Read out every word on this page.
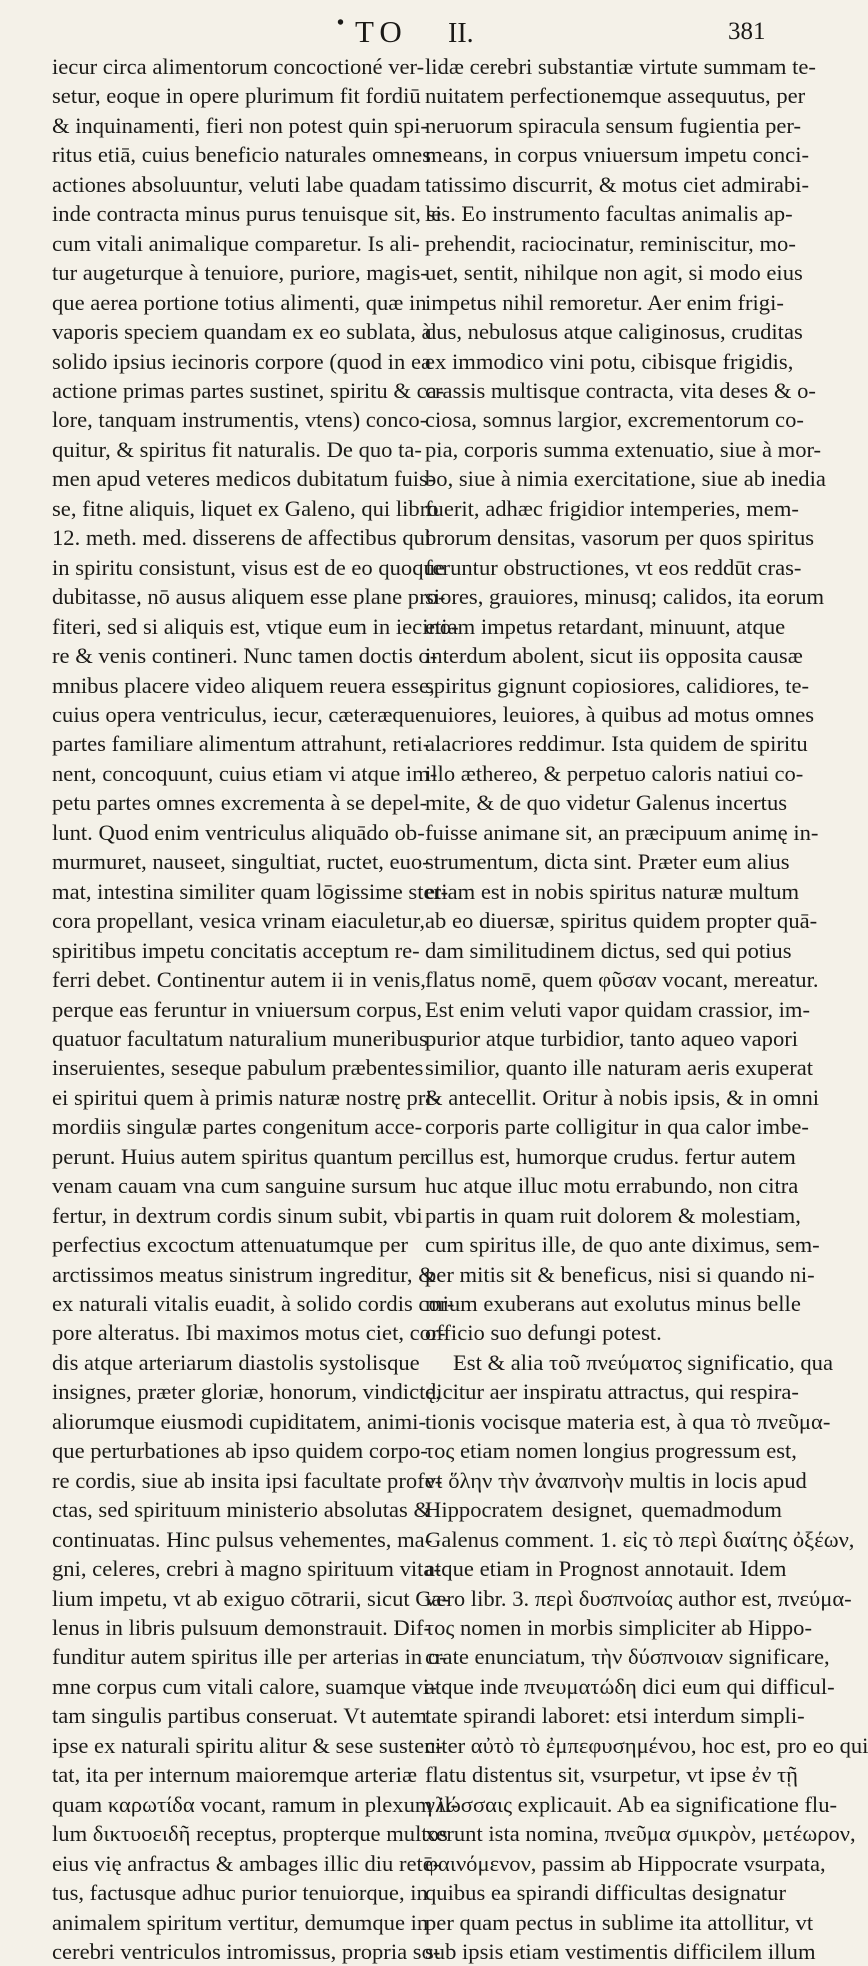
• TO II.	381
iecur circa alimentorum concoctioné ver-
setur, eoque in opere plurimum fit fordiū
& inquinamenti, fieri non potest quin spi-
ritus etiā, cuius beneficio naturales omnes
actiones absoluuntur, veluti labe quadam
inde contracta minus purus tenuisque sit, si
cum vitali animalique comparetur. Is ali-
tur augeturque à tenuiore, puriore, magis-
que aerea portione totius alimenti, quæ in
vaporis speciem quandam ex eo sublata, à
solido ipsius iecinoris corpore (quod in ea
actione primas partes sustinet, spiritu & ca-
lore, tanquam instrumentis, vtens) conco-
quitur, & spiritus fit naturalis. De quo ta-
men apud veteres medicos dubitatum fuis-
se, fitne aliquis, liquet ex Galeno, qui libro
12. meth. med. disserens de affectibus qui
in spiritu consistunt, visus est de eo quoque
dubitasse, nō ausus aliquem esse plane pro-
fiteri, sed si aliquis est, vtique eum in iecino-
re & venis contineri. Nunc tamen doctis o-
mnibus placere video aliquem reuera esse,
cuius opera ventriculus, iecur, cæteræque
partes familiare alimentum attrahunt, reti-
nent, concoquunt, cuius etiam vi atque im-
petu partes omnes excrementa à se depel-
lunt. Quod enim ventriculus aliquādo ob-
murmuret, nauseet, singultiat, ructet, euo-
mat, intestina similiter quam lōgissime ster-
cora propellant, vesica vrinam eiaculetur,
spiritibus impetu concitatis acceptum re-
ferri debet. Continentur autem ii in venis,
perque eas feruntur in vniuersum corpus,
quatuor facultatum naturalium muneribus
inseruientes, seseque pabulum præbentes
ei spiritui quem à primis naturæ nostrę pri-
mordiis singulæ partes congenitum acce-
perunt. Huius autem spiritus quantum per
venam cauam vna cum sanguine sursum
fertur, in dextrum cordis sinum subit, vbi
perfectius excoctum attenuatumque per
arctissimos meatus sinistrum ingreditur, &
ex naturali vitalis euadit, à solido cordis cor-
pore alteratus. Ibi maximos motus ciet, cor-
dis atque arteriarum diastolis systolisque
insignes, præter gloriæ, honorum, vindictę,
aliorumque eiusmodi cupiditatem, animi-
que perturbationes ab ipso quidem corpo-
re cordis, siue ab insita ipsi facultate profe-
ctas, sed spirituum ministerio absolutas &
continuatas. Hinc pulsus vehementes, ma-
gni, celeres, crebri à magno spirituum vita-
lium impetu, vt ab exiguo cōtrarii, sicut Ga-
lenus in libris pulsuum demonstrauit. Dif-
funditur autem spiritus ille per arterias in o-
mne corpus cum vitali calore, suamque vi-
tam singulis partibus conseruat. Vt autem
ipse ex naturali spiritu alitur & sese susten-
tat, ita per internum maioremque arteriæ
quam καρωτίδα vocant, ramum in plexum il-
lum δικτυοειδῆ receptus, propterque multos
eius vię anfractus & ambages illic diu retē-
tus, factusque adhuc purior tenuiorque, in
animalem spiritum vertitur, demumque in
cerebri ventriculos intromissus, propria so-
lidæ cerebri substantiæ virtute summam te-
nuitatem perfectionemque assequutus, per
neruorum spiracula sensum fugientia per-
means, in corpus vniuersum impetu conci-
tatissimo discurrit, & motus ciet admirabi-
les. Eo instrumento facultas animalis ap-
prehendit, raciocinatur, reminiscitur, mo-
uet, sentit, nihilque non agit, si modo eius
impetus nihil remoretur. Aer enim frigi-
dus, nebulosus atque caliginosus, cruditas
ex immodico vini potu, cibisque frigidis,
crassis multisque contracta, vita deses & o-
ciosa, somnus largior, excrementorum co-
pia, corporis summa extenuatio, siue à mor-
bo, siue à nimia exercitatione, siue ab inedia
fuerit, adhæc frigidior intemperies, mem-
brorum densitas, vasorum per quos spiritus
feruntur obstructiones, vt eos reddūt cras-
siores, grauiores, minusq; calidos, ita eorum
etiam impetus retardant, minuunt, atque
interdum abolent, sicut iis opposita causæ
spiritus gignunt copiosiores, calidiores, te-
nuiores, leuiores, à quibus ad motus omnes
alacriores reddimur. Ista quidem de spiritu
illo æthereo, & perpetuo caloris natiui co-
mite, & de quo videtur Galenus incertus
fuisse animane sit, an præcipuum animę in-
strumentum, dicta sint. Præter eum alius
etiam est in nobis spiritus naturæ multum
ab eo diuersæ, spiritus quidem propter quā-
dam similitudinem dictus, sed qui potius
flatus nomē, quem φῦσαν vocant, mereatur.
Est enim veluti vapor quidam crassior, im-
purior atque turbidior, tanto aqueo vapori
similior, quanto ille naturam aeris exuperat
& antecellit. Oritur à nobis ipsis, & in omni
corporis parte colligitur in qua calor imbe-
cillus est, humorque crudus. fertur autem
huc atque illuc motu errabundo, non citra
partis in quam ruit dolorem & molestiam,
cum spiritus ille, de quo ante diximus, sem-
per mitis sit & beneficus, nisi si quando ni-
mium exuberans aut exolutus minus belle
officio suo defungi potest.
Est & alia τοῦ πνεύματος significatio, qua
dicitur aer inspiratu attractus, qui respira-
tionis vocisque materia est, à qua τὸ πνεῦμα-
τος etiam nomen longius progressum est,
vt ὅλην τὴν ἀναπνοὴν multis in locis apud
Hippocratem designet, quemadmodum
Galenus comment. 1. εἰς τὸ περὶ διαίτης ὀξέων,
atque etiam in Prognost annotauit. Idem
vero libr. 3. περὶ δυσπνοίας author est, πνεύμα-
τος nomen in morbis simpliciter ab Hippo-
crate enunciatum, τὴν δύσπνοιαν significare,
atque inde πνευματώδη dici eum qui difficul-
tate spirandi laboret: etsi interdum simpli-
citer αὐτὸ τὸ ἐμπεφυσημένου, hoc est, pro eo qui
flatu distentus sit, vsurpetur, vt ipse ἐν τῇ
γλώσσαις explicauit. Ab ea significatione flu-
xerunt ista nomina, πνεῦμα σμικρὸν, μετέωρον,
φαινόμενον, passim ab Hippocrate vsurpata,
quibus ea spirandi difficultas designatur
per quam pectus in sublime ita attollitur, vt
sub ipsis etiam vestimentis difficilem illum
